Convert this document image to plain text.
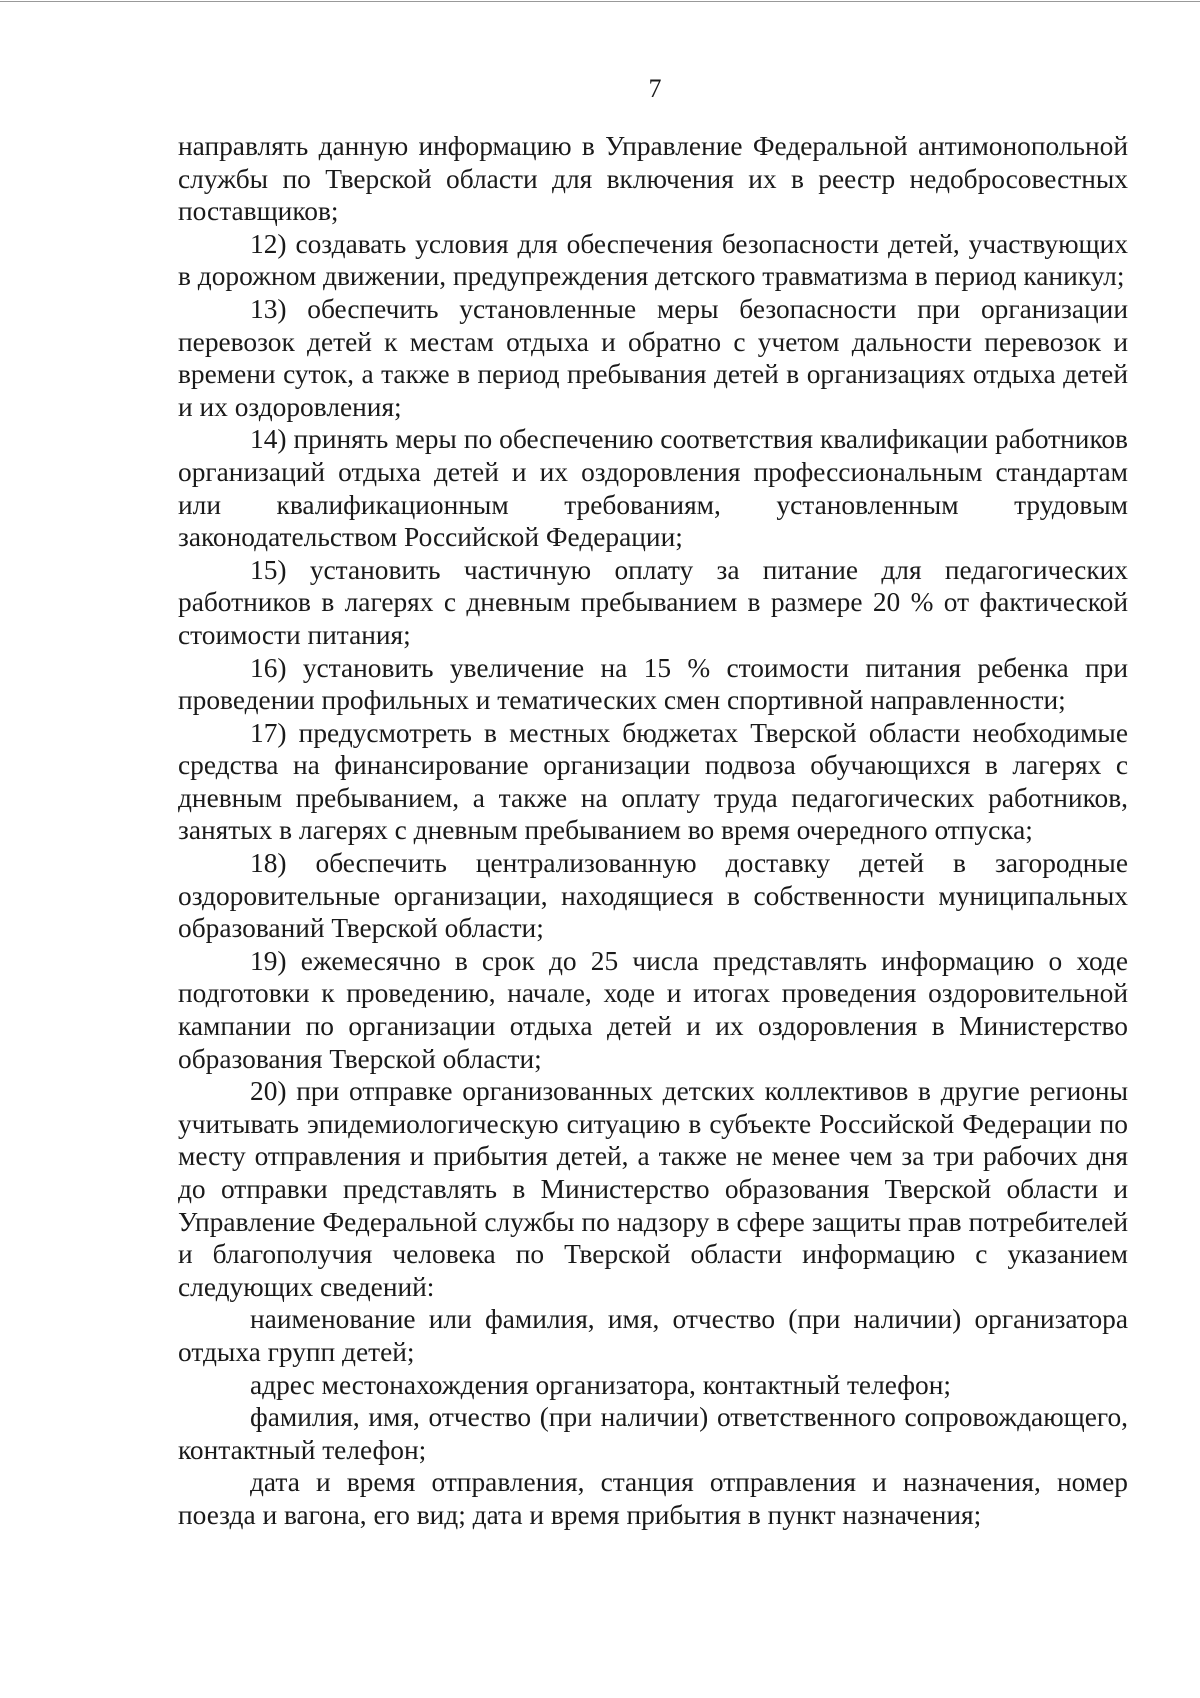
7

направлять данную информацию в Управление Федеральной антимонопольной службы по Тверской области для включения их в реестр недобросовестных поставщиков;

12) создавать условия для обеспечения безопасности детей, участвующих в дорожном движении, предупреждения детского травматизма в период каникул;

13) обеспечить установленные меры безопасности при организации перевозок детей к местам отдыха и обратно с учетом дальности перевозок и времени суток, а также в период пребывания детей в организациях отдыха детей и их оздоровления;

14) принять меры по обеспечению соответствия квалификации работников организаций отдыха детей и их оздоровления профессиональным стандартам или квалификационным требованиям, установленным трудовым законодательством Российской Федерации;

15) установить частичную оплату за питание для педагогических работников в лагерях с дневным пребыванием в размере 20 % от фактической стоимости питания;

16) установить увеличение на 15 % стоимости питания ребенка при проведении профильных и тематических смен спортивной направленности;

17) предусмотреть в местных бюджетах Тверской области необходимые средства на финансирование организации подвоза обучающихся в лагерях с дневным пребыванием, а также на оплату труда педагогических работников, занятых в лагерях с дневным пребыванием во время очередного отпуска;

18) обеспечить централизованную доставку детей в загородные оздоровительные организации, находящиеся в собственности муниципальных образований Тверской области;

19) ежемесячно в срок до 25 числа представлять информацию о ходе подготовки к проведению, начале, ходе и итогах проведения оздоровительной кампании по организации отдыха детей и их оздоровления в Министерство образования Тверской области;

20) при отправке организованных детских коллективов в другие регионы учитывать эпидемиологическую ситуацию в субъекте Российской Федерации по месту отправления и прибытия детей, а также не менее чем за три рабочих дня до отправки представлять в Министерство образования Тверской области и Управление Федеральной службы по надзору в сфере защиты прав потребителей и благополучия человека по Тверской области информацию с указанием следующих сведений:

наименование или фамилия, имя, отчество (при наличии) организатора отдыха групп детей;

адрес местонахождения организатора, контактный телефон;

фамилия, имя, отчество (при наличии) ответственного сопровождающего, контактный телефон;

дата и время отправления, станция отправления и назначения, номер поезда и вагона, его вид; дата и время прибытия в пункт назначения;
